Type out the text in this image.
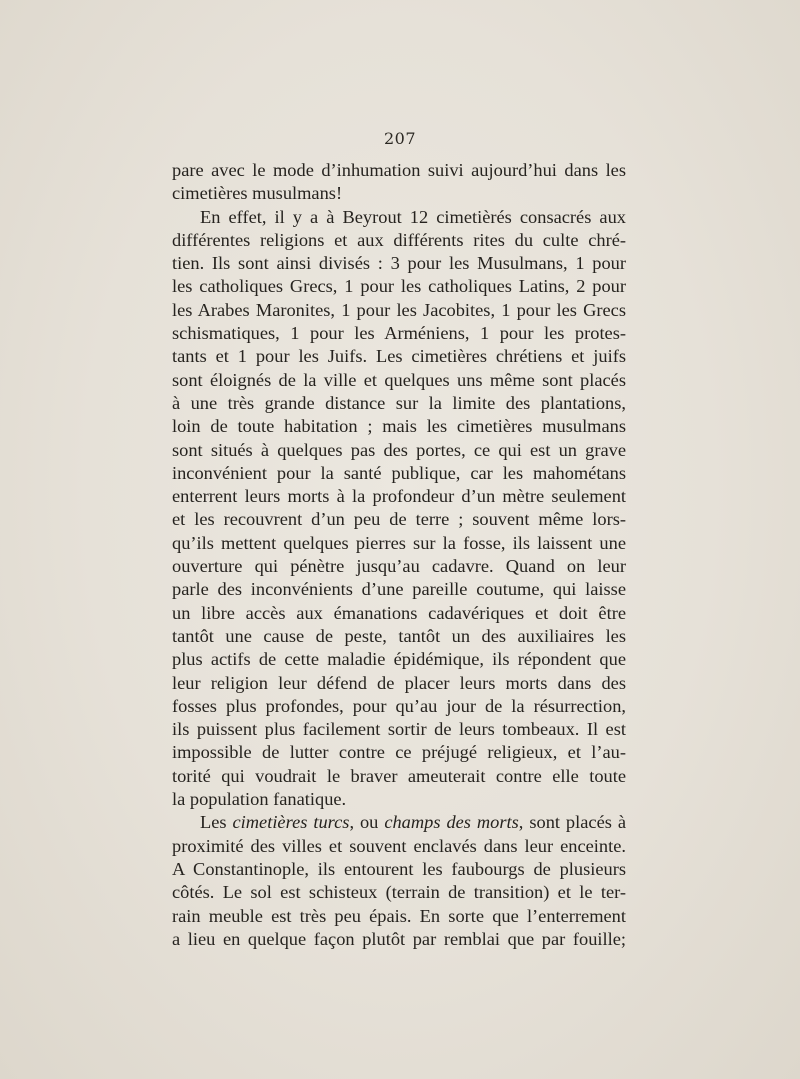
207
pare avec le mode d’inhumation suivi aujourd’hui dans les
cimetières musulmans!
En effet, il y a à Beyrout 12 cimetièrés consacrés aux
différentes religions et aux différents rites du culte chré-
tien. Ils sont ainsi divisés : 3 pour les Musulmans, 1 pour
les catholiques Grecs, 1 pour les catholiques Latins, 2 pour
les Arabes Maronites, 1 pour les Jacobites, 1 pour les Grecs
schismatiques, 1 pour les Arméniens, 1 pour les protes-
tants et 1 pour les Juifs. Les cimetières chrétiens et juifs
sont éloignés de la ville et quelques uns même sont placés
à une très grande distance sur la limite des plantations,
loin de toute habitation ; mais les cimetières musulmans
sont situés à quelques pas des portes, ce qui est un grave
inconvénient pour la santé publique, car les mahométans
enterrent leurs morts à la profondeur d’un mètre seulement
et les recouvrent d’un peu de terre ; souvent même lors-
qu’ils mettent quelques pierres sur la fosse, ils laissent une
ouverture qui pénètre jusqu’au cadavre. Quand on leur
parle des inconvénients d’une pareille coutume, qui laisse
un libre accès aux émanations cadavériques et doit être
tantôt une cause de peste, tantôt un des auxiliaires les
plus actifs de cette maladie épidémique, ils répondent que
leur religion leur défend de placer leurs morts dans des
fosses plus profondes, pour qu’au jour de la résurrection,
ils puissent plus facilement sortir de leurs tombeaux. Il est
impossible de lutter contre ce préjugé religieux, et l’au-
torité qui voudrait le braver ameuterait contre elle toute
la population fanatique.
Les cimetières turcs, ou champs des morts, sont placés à
proximité des villes et souvent enclavés dans leur enceinte.
A Constantinople, ils entourent les faubourgs de plusieurs
côtés. Le sol est schisteux (terrain de transition) et le ter-
rain meuble est très peu épais. En sorte que l’enterrement
a lieu en quelque façon plutôt par remblai que par fouille;
